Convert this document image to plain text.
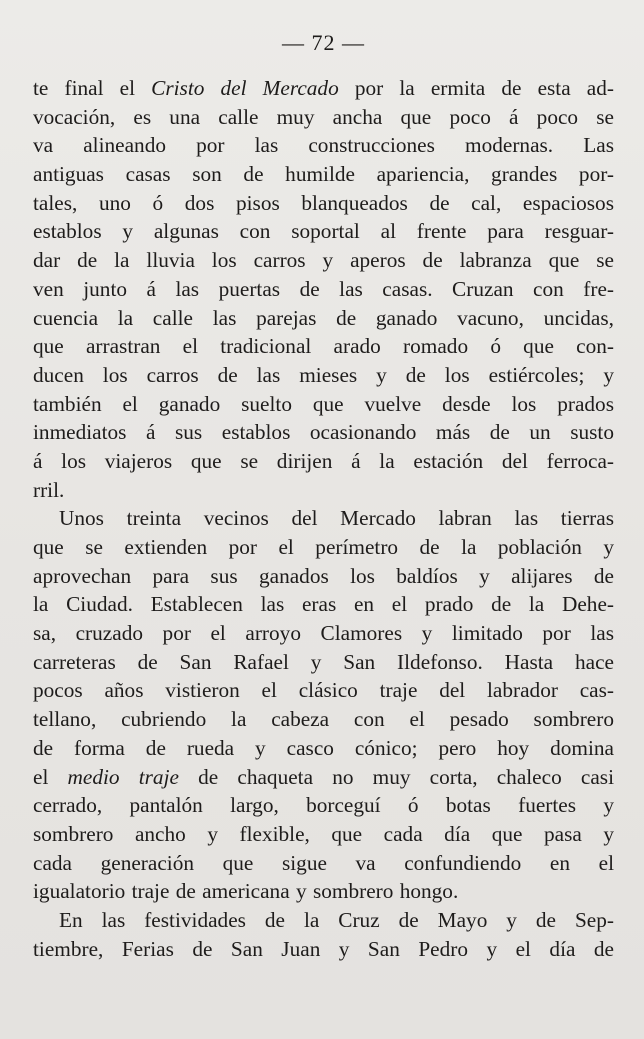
— 72 —
te final el Cristo del Mercado por la ermita de esta ad-
vocación, es una calle muy ancha que poco á poco se
va alineando por las construcciones modernas. Las
antiguas casas son de humilde apariencia, grandes por-
tales, uno ó dos pisos blanqueados de cal, espaciosos
establos y algunas con soportal al frente para resguar-
dar de la lluvia los carros y aperos de labranza que se
ven junto á las puertas de las casas. Cruzan con fre-
cuencia la calle las parejas de ganado vacuno, uncidas,
que arrastran el tradicional arado romado ó que con-
ducen los carros de las mieses y de los estiércoles; y
también el ganado suelto que vuelve desde los prados
inmediatos á sus establos ocasionando más de un susto
á los viajeros que se dirijen á la estación del ferroca-
rril.
Unos treinta vecinos del Mercado labran las tierras
que se extienden por el perímetro de la población y
aprovechan para sus ganados los baldíos y alijares de
la Ciudad. Establecen las eras en el prado de la Dehe-
sa, cruzado por el arroyo Clamores y limitado por las
carreteras de San Rafael y San Ildefonso. Hasta hace
pocos años vistieron el clásico traje del labrador cas-
tellano, cubriendo la cabeza con el pesado sombrero
de forma de rueda y casco cónico; pero hoy domina
el medio traje de chaqueta no muy corta, chaleco casi
cerrado, pantalón largo, borceguí ó botas fuertes y
sombrero ancho y flexible, que cada día que pasa y
cada generación que sigue va confundiendo en el
igualatorio traje de americana y sombrero hongo.
En las festividades de la Cruz de Mayo y de Sep-
tiembre, Ferias de San Juan y San Pedro y el día de
